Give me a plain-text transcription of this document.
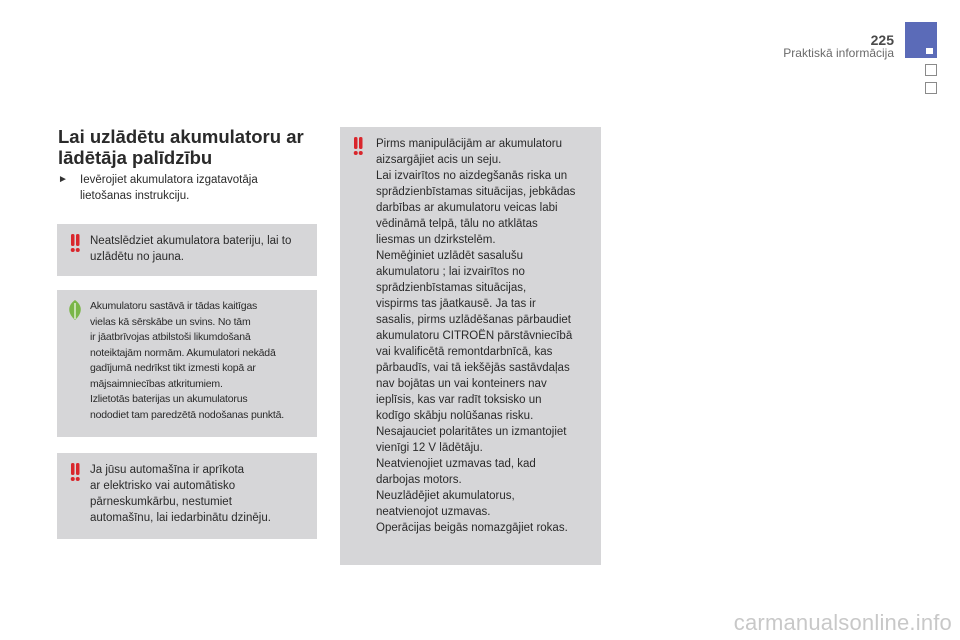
225
Praktiskā informācija
Lai uzlādētu akumulatoru ar
lādētāja palīdzību
► Ievērojiet akumulatora izgatavotāja
lietošanas instrukciju.
Neatslēdziet akumulatora bateriju, lai to
uzlādētu no jauna.
Akumulatoru sastāvā ir tādas kaitīgas
vielas kā sērskābe un svins. No tām
ir jāatbrīvojas atbilstoši likumdošanā
noteiktajām normām. Akumulatori nekādā
gadījumā nedrīkst tikt izmesti kopā ar
mājsaimniecības atkritumiem.
Izlietotās baterijas un akumulatorus
nododiet tam paredzētā nodošanas punktā.
Ja jūsu automašīna ir aprīkota
ar elektrisko vai automātisko
pārneskumkārbu, nestumiet
automašīnu, lai iedarbinātu dzinēju.
Pirms manipulācijām ar akumulatoru
aizsargājiet acis un seju.
Lai izvairītos no aizdegšanās riska un
sprādzienbīstamas situācijas, jebkādas
darbības ar akumulatoru veicas labi
vēdināmā telpā, tālu no atklātas
liesmas un dzirkstelēm.
Nemēģiniet uzlādēt sasalušu
akumulatoru ; lai izvairītos no
sprādzienbīstamas situācijas,
vispirms tas jāatkausē. Ja tas ir
sasalis, pirms uzlādēšanas pārbaudiet
akumulatoru CITROËN pārstāvniecībā
vai kvalificētā remontdarbnīcā, kas
pārbaudīs, vai tā iekšējās sastāvdaļas
nav bojātas un vai konteiners nav
ieplīsis, kas var radīt toksisko un
kodīgo skābju nolūšanas risku.
Nesajauciet polaritātes un izmantojiet
vienīgi 12 V lādētāju.
Neatvienojiet uzmavas tad, kad
darbojas motors.
Neuzlādējiet akumulatorus,
neatvienojot uzmavas.
Operācijas beigās nomazgājiet rokas.
carmanualsonline.info
